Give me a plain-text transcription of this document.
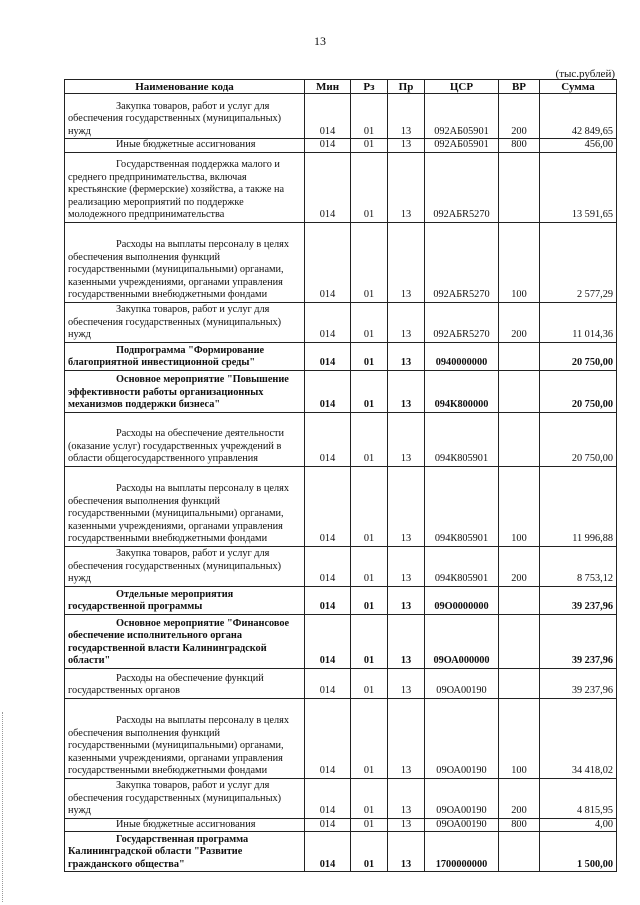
13
(тыс.рублей)
Наименование кода	Мин	Рз	Пр	ЦСР	ВР	Сумма
Закупка товаров, работ и услуг для обеспечения государственных (муниципальных) нужд	014	01	13	092АБ05901	200	42 849,65
Иные бюджетные ассигнования	014	01	13	092АБ05901	800	456,00
Государственная поддержка малого и среднего предпринимательства, включая крестьянские (фермерские) хозяйства, а также на реализацию мероприятий по поддержке молодежного предпринимательства	014	01	13	092АБR5270		13 591,65
Расходы на выплаты персоналу в целях обеспечения выполнения функций государственными (муниципальными) органами, казенными учреждениями, органами управления государственными внебюджетными фондами	014	01	13	092АБR5270	100	2 577,29
Закупка товаров, работ и услуг для обеспечения государственных (муниципальных) нужд	014	01	13	092АБR5270	200	11 014,36
Подпрограмма "Формирование благоприятной инвестиционной среды"	014	01	13	0940000000		20 750,00
Основное мероприятие "Повышение эффективности работы организационных механизмов поддержки бизнеса"	014	01	13	094К800000		20 750,00
Расходы на обеспечение деятельности (оказание услуг) государственных учреждений в области общегосударственного управления	014	01	13	094К805901		20 750,00
Расходы на выплаты персоналу в целях обеспечения выполнения функций государственными (муниципальными) органами, казенными учреждениями, органами управления государственными внебюджетными фондами	014	01	13	094К805901	100	11 996,88
Закупка товаров, работ и услуг для обеспечения государственных (муниципальных) нужд	014	01	13	094К805901	200	8 753,12
Отдельные мероприятия государственной программы	014	01	13	09О0000000		39 237,96
Основное мероприятие "Финансовое обеспечение исполнительного органа государственной власти Калининградской области"	014	01	13	09ОА000000		39 237,96
Расходы на обеспечение функций государственных органов	014	01	13	09ОА00190		39 237,96
Расходы на выплаты персоналу в целях обеспечения выполнения функций государственными (муниципальными) органами, казенными учреждениями, органами управления государственными внебюджетными фондами	014	01	13	09ОА00190	100	34 418,02
Закупка товаров, работ и услуг для обеспечения государственных (муниципальных) нужд	014	01	13	09ОА00190	200	4 815,95
Иные бюджетные ассигнования	014	01	13	09ОА00190	800	4,00
Государственная программа Калининградской области "Развитие гражданского общества"	014	01	13	1700000000		1 500,00
